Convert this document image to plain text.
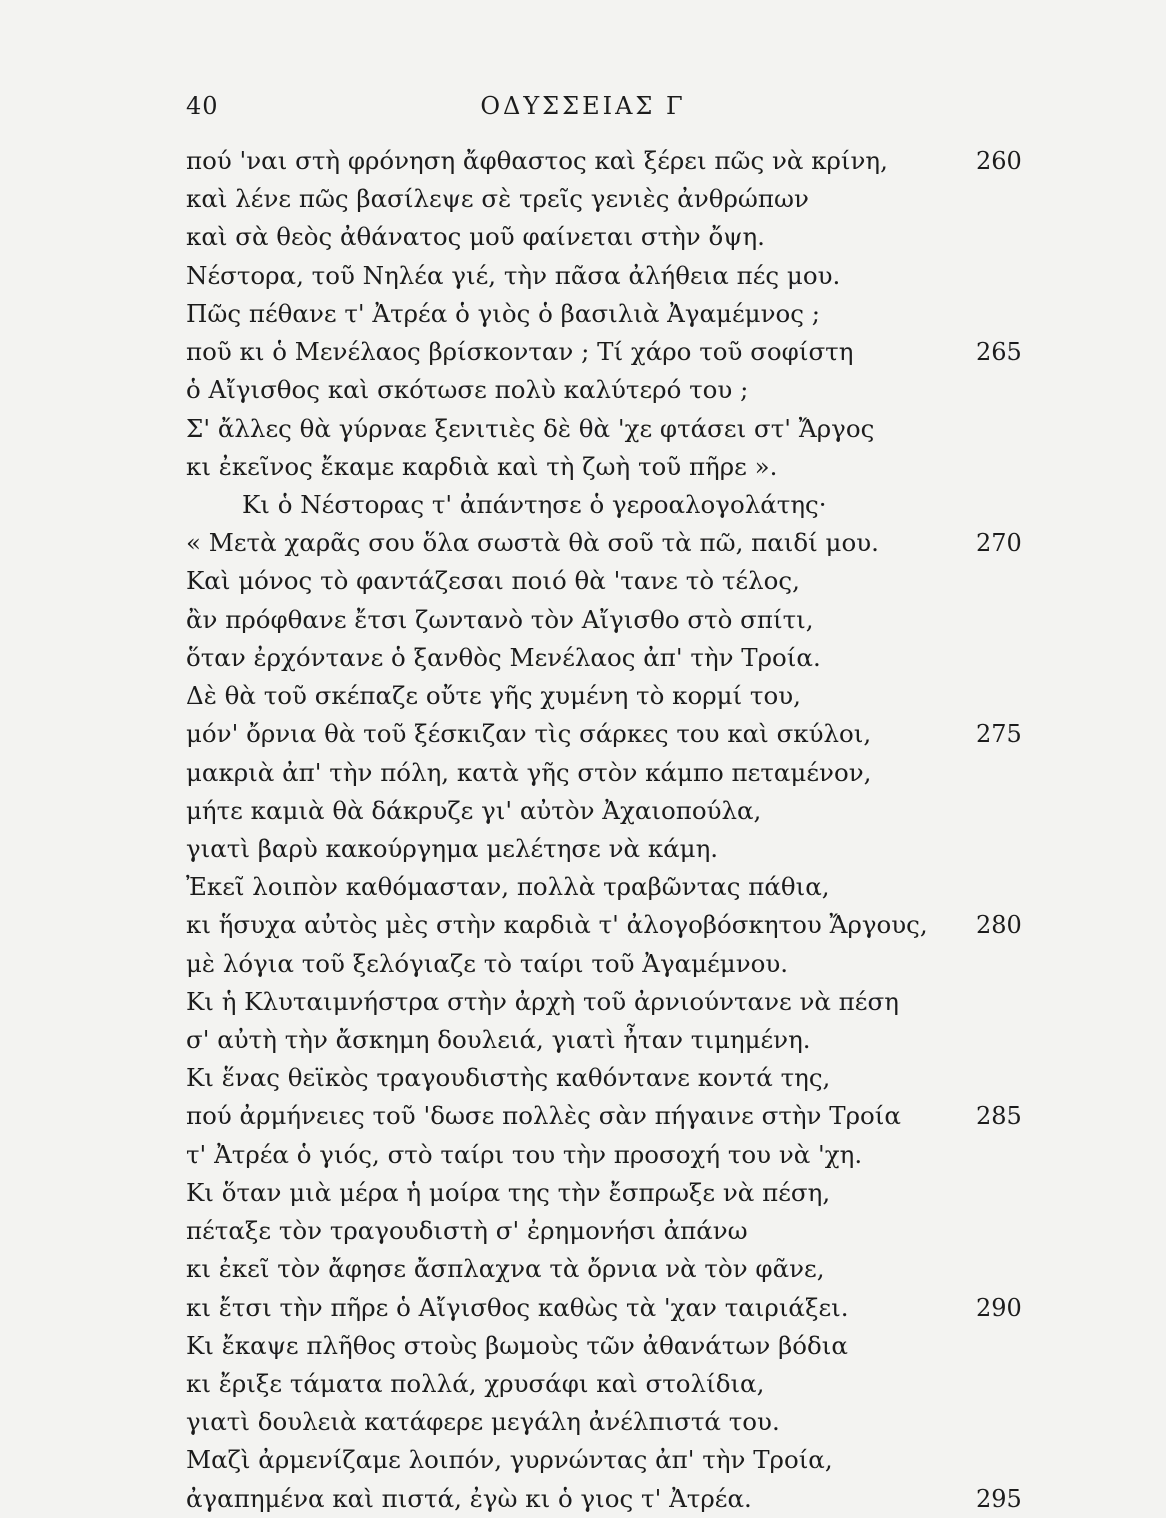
40	ΟΔΥΣΣΕΙΑΣ Γ
πού 'ναι στὴ φρόνηση ἄφθαστος καὶ ξέρει πῶς νὰ κρίνη,	260
καὶ λένε πῶς βασίλεψε σὲ τρεῖς γενιὲς ἀνθρώπων
καὶ σὰ θεὸς ἀθάνατος μοῦ φαίνεται στὴν ὄψη.
Νέστορα, τοῦ Νηλέα γιέ, τὴν πᾶσα ἀλήθεια πές μου.
Πῶς πέθανε τ' Ἀτρέα ὁ γιὸς ὁ βασιλιὰ Ἀγαμέμνος ;
ποῦ κι ὁ Μενέλαος βρίσκονταν ; Τί χάρο τοῦ σοφίστη	265
ὁ Αἴγισθος καὶ σκότωσε πολὺ καλύτερό του ;
Σ' ἄλλες θὰ γύρναε ξενιτιὲς δὲ θὰ 'χε φτάσει στ' Ἄργος
κι ἐκεῖνος ἔκαμε καρδιὰ καὶ τὴ ζωὴ τοῦ πῆρε ».
Κι ὁ Νέστορας τ' ἀπάντησε ὁ γεροαλογολάτης·
« Μετὰ χαρᾶς σου ὅλα σωστὰ θὰ σοῦ τὰ πῶ, παιδί μου.	270
Καὶ μόνος τὸ φαντάζεσαι ποιό θὰ 'τανε τὸ τέλος,
ἂν πρόφθανε ἔτσι ζωντανὸ τὸν Αἴγισθο στὸ σπίτι,
ὅταν ἐρχόντανε ὁ ξανθὸς Μενέλαος ἀπ' τὴν Τροία.
Δὲ θὰ τοῦ σκέπαζε οὔτε γῆς χυμένη τὸ κορμί του,
μόν' ὄρνια θὰ τοῦ ξέσκιζαν τὶς σάρκες του καὶ σκύλοι,	275
μακριὰ ἀπ' τὴν πόλη, κατὰ γῆς στὸν κάμπο πεταμένον,
μήτε καμιὰ θὰ δάκρυζε γι' αὐτὸν Ἀχαιοπούλα,
γιατὶ βαρὺ κακούργημα μελέτησε νὰ κάμη.
Ἐκεῖ λοιπὸν καθόμασταν, πολλὰ τραβῶντας πάθια,
κι ἥσυχα αὐτὸς μὲς στὴν καρδιὰ τ' ἀλογοβόσκητου Ἄργους, 280
μὲ λόγια τοῦ ξελόγιαζε τὸ ταίρι τοῦ Ἀγαμέμνου.
Κι ἡ Κλυταιμνήστρα στὴν ἀρχὴ τοῦ ἀρνιούντανε νὰ πέση
σ' αὐτὴ τὴν ἄσκημη δουλειά, γιατὶ ἦταν τιμημένη.
Κι ἕνας θεϊκὸς τραγουδιστὴς καθόντανε κοντά της,
πού ἀρμήνειες τοῦ 'δωσε πολλὲς σὰν πήγαινε στὴν Τροία	285
τ' Ἀτρέα ὁ γιός, στὸ ταίρι του τὴν προσοχή του νὰ 'χη.
Κι ὅταν μιὰ μέρα ἡ μοίρα της τὴν ἔσπρωξε νὰ πέση,
πέταξε τὸν τραγουδιστὴ σ' ἐρημονήσι ἀπάνω
κι ἐκεῖ τὸν ἄφησε ἄσπλαχνα τὰ ὄρνια νὰ τὸν φᾶνε,
κι ἔτσι τὴν πῆρε ὁ Αἴγισθος καθὼς τὰ 'χαν ταιριάξει.	290
Κι ἔκαψε πλῆθος στοὺς βωμοὺς τῶν ἀθανάτων βόδια
κι ἔριξε τάματα πολλά, χρυσάφι καὶ στολίδια,
γιατὶ δουλειὰ κατάφερε μεγάλη ἀνέλπιστά του.
Μαζὶ ἀρμενίζαμε λοιπόν, γυρνώντας ἀπ' τὴν Τροία,
ἀγαπημένα καὶ πιστά, ἐγὼ κι ὁ γιος τ' Ἀτρέα.	295
